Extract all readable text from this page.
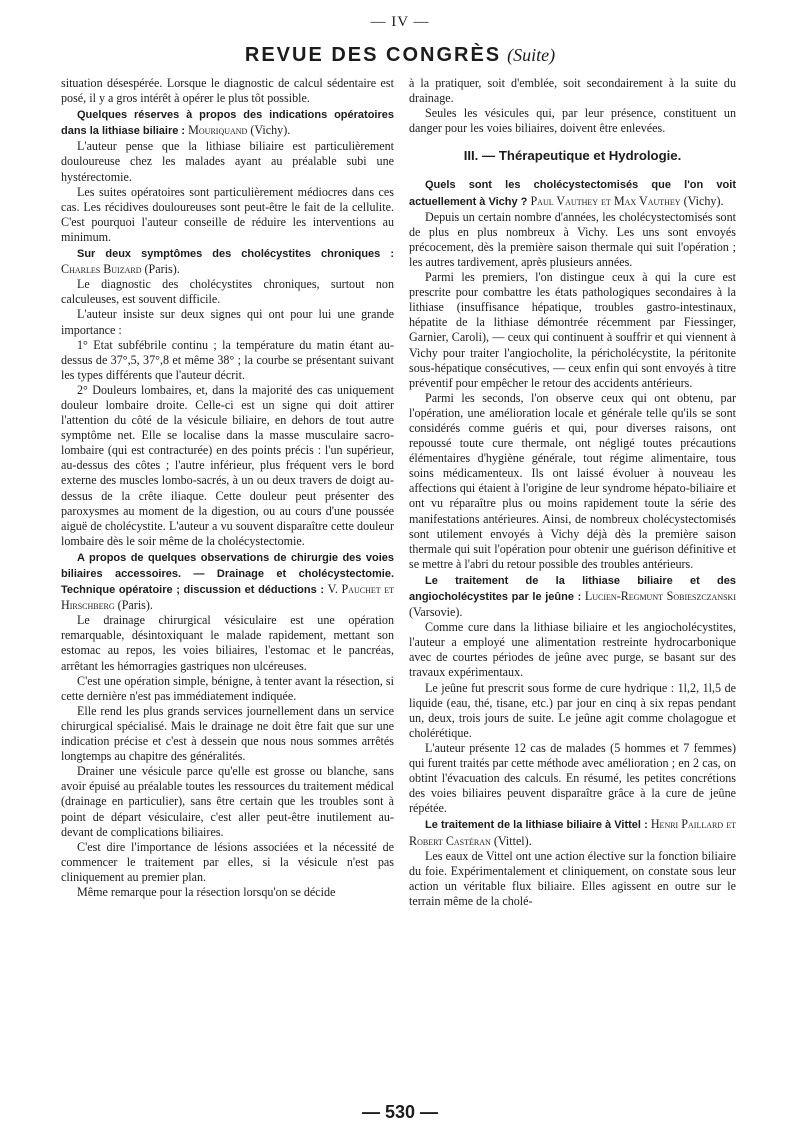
— IV —
REVUE DES CONGRÈS (Suite)

situation désespérée. Lorsque le diagnostic de calcul sédentaire est posé, il y a gros intérêt à opérer le plus tôt possible.

Quelques réserves à propos des indications opératoires dans la lithiase biliaire : Mouriquand (Vichy).

L'auteur pense que la lithiase biliaire est particulièrement douloureuse chez les malades ayant au préalable subi une hystérectomie.

Les suites opératoires sont particulièrement médiocres dans ces cas. Les récidives douloureuses sont peut-être le fait de la cellulite. C'est pourquoi l'auteur conseille de réduire les interventions au minimum.

Sur deux symptômes des cholécystites chroniques : Charles Buizard (Paris).

Le diagnostic des cholécystites chroniques, surtout non calculeuses, est souvent difficile.

L'auteur insiste sur deux signes qui ont pour lui une grande importance :

1° Etat subfébrile continu ; la température du matin étant au-dessus de 37°,5, 37°,8 et même 38° ; la courbe se présentant suivant les types différents que l'auteur décrit.

2° Douleurs lombaires, et, dans la majorité des cas uniquement douleur lombaire droite. Celle-ci est un signe qui doit attirer l'attention du côté de la vésicule biliaire, en dehors de tout autre symptôme net. Elle se localise dans la masse musculaire sacro-lombaire (qui est contracturée) en des points précis : l'un supérieur, au-dessus des côtes ; l'autre inférieur, plus fréquent vers le bord externe des muscles lombo-sacrés, à un ou deux travers de doigt au-dessus de la crête iliaque. Cette douleur peut présenter des paroxysmes au moment de la digestion, ou au cours d'une poussée aiguë de cholécystite. L'auteur a vu souvent disparaître cette douleur lombaire dès le soir même de la cholécystectomie.

A propos de quelques observations de chirurgie des voies biliaires accessoires. — Drainage et cholécystectomie. Technique opératoire ; discussion et déductions : V. Pauchet et Hirschberg (Paris).

Le drainage chirurgical vésiculaire est une opération remarquable, désintoxiquant le malade rapidement, mettant son estomac au repos, les voies biliaires, l'estomac et le pancréas, arrêtant les hémorragies gastriques non ulcéreuses.

C'est une opération simple, bénigne, à tenter avant la résection, si cette dernière n'est pas immédiatement indiquée.

Elle rend les plus grands services journellement dans un service chirurgical spécialisé. Mais le drainage ne doit être fait que sur une indication précise et c'est à dessein que nous nous sommes arrêtés longtemps au chapitre des généralités.

Drainer une vésicule parce qu'elle est grosse ou blanche, sans avoir épuisé au préalable toutes les ressources du traitement médical (drainage en particulier), sans être certain que les troubles sont à point de départ vésiculaire, c'est aller peut-être inutilement au-devant de complications biliaires.

C'est dire l'importance de lésions associées et la nécessité de commencer le traitement par elles, si la vésicule n'est pas cliniquement au premier plan.

Même remarque pour la résection lorsqu'on se décide

à la pratiquer, soit d'emblée, soit secondairement à la suite du drainage.

Seules les vésicules qui, par leur présence, constituent un danger pour les voies biliaires, doivent être enlevées.

III. — Thérapeutique et Hydrologie.

Quels sont les cholécystectomisés que l'on voit actuellement à Vichy ? Paul Vauthey et Max Vauthey (Vichy).

Depuis un certain nombre d'années, les cholécystectomisés sont de plus en plus nombreux à Vichy. Les uns sont envoyés précocement, dès la première saison thermale qui suit l'opération ; les autres tardivement, après plusieurs années.

Parmi les premiers, l'on distingue ceux à qui la cure est prescrite pour combattre les états pathologiques secondaires à la lithiase (insuffisance hépatique, troubles gastro-intestinaux, hépatite de la lithiase démontrée récemment par Fiessinger, Garnier, Caroli), — ceux qui continuent à souffrir et qui viennent à Vichy pour traiter l'angiocholite, la péricholécystite, la péritonite sous-hépatique consécutives, — ceux enfin qui sont envoyés à titre préventif pour empêcher le retour des accidents antérieurs.

Parmi les seconds, l'on observe ceux qui ont obtenu, par l'opération, une amélioration locale et générale telle qu'ils se sont considérés comme guéris et qui, pour diverses raisons, ont repoussé toute cure thermale, ont négligé toutes précautions élémentaires d'hygiène générale, tout régime alimentaire, tous soins médicamenteux. Ils ont laissé évoluer à nouveau les affections qui étaient à l'origine de leur syndrome hépato-biliaire et ont vu réparaître plus ou moins rapidement toute la série des manifestations antérieures. Ainsi, de nombreux cholécystectomisés sont utilement envoyés à Vichy déjà dès la première saison thermale qui suit l'opération pour obtenir une guérison définitive et se mettre à l'abri du retour possible des troubles antérieurs.

Le traitement de la lithiase biliaire et des angiocholécystites par le jeûne : Lucien-Regmunt Sobieszczanski (Varsovie).

Comme cure dans la lithiase biliaire et les angiocholécystites, l'auteur a employé une alimentation restreinte hydrocarbonique avec de courtes périodes de jeûne avec purge, se basant sur des travaux expérimentaux.

Le jeûne fut prescrit sous forme de cure hydrique : 1l,2, 1l,5 de liquide (eau, thé, tisane, etc.) par jour en cinq à six repas pendant un, deux, trois jours de suite. Le jeûne agit comme cholagogue et cholérétique.

L'auteur présente 12 cas de malades (5 hommes et 7 femmes) qui furent traités par cette méthode avec amélioration ; en 2 cas, on obtint l'évacuation des calculs. En résumé, les petites concrétions des voies biliaires peuvent disparaître grâce à la cure de jeûne répétée.

Le traitement de la lithiase biliaire à Vittel : Henri Paillard et Robert Castéran (Vittel).

Les eaux de Vittel ont une action élective sur la fonction biliaire du foie. Expérimentalement et cliniquement, on constate sous leur action un véritable flux biliaire. Elles agissent en outre sur le terrain même de la cholé-

— 530 —
